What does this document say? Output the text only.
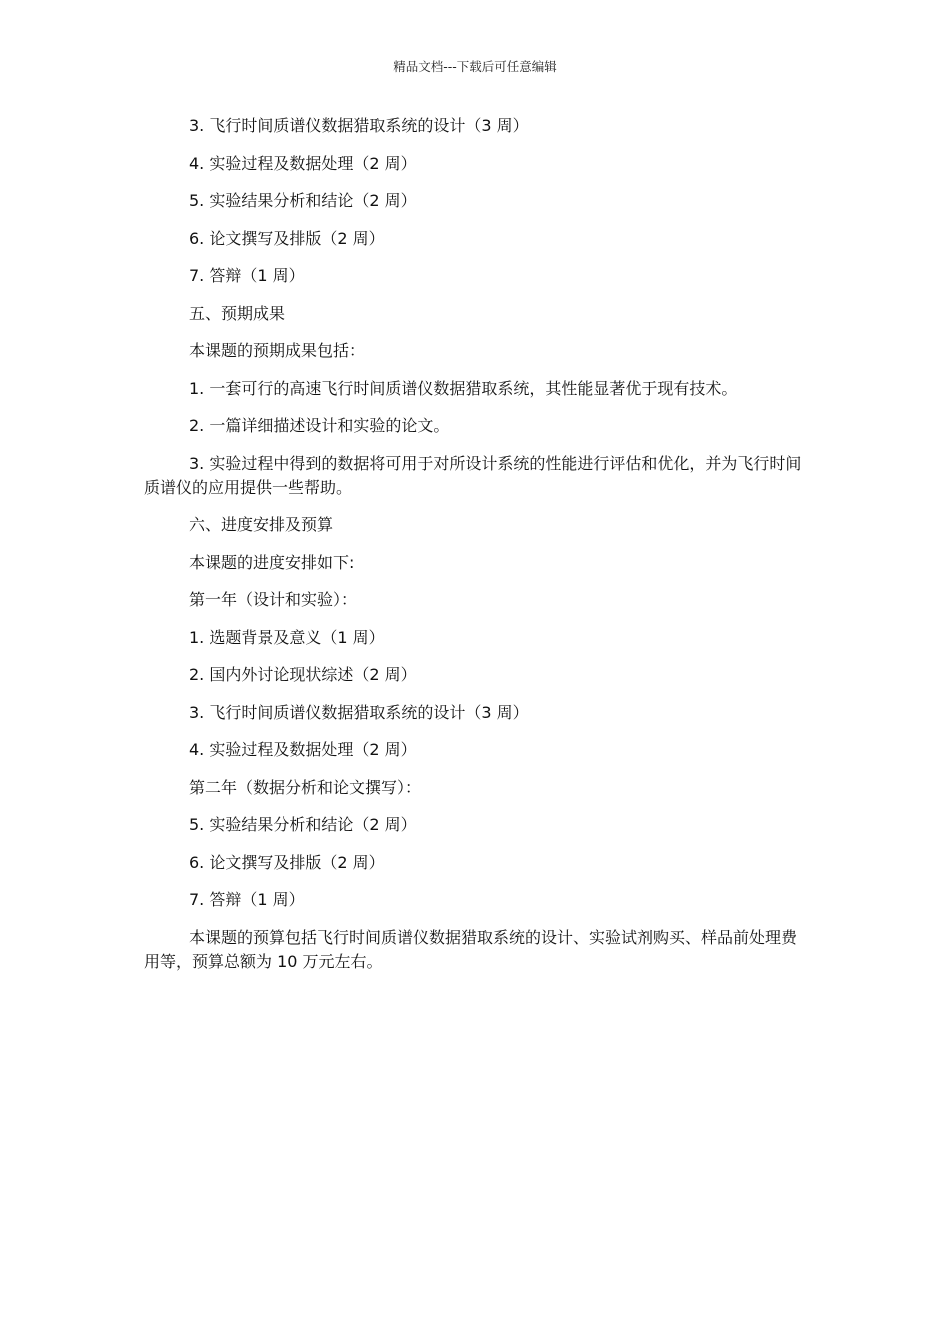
精品文档---下载后可任意编辑

3. 飞行时间质谱仪数据猎取系统的设计（3 周）

4. 实验过程及数据处理（2 周）

5. 实验结果分析和结论（2 周）

6. 论文撰写及排版（2 周）

7. 答辩（1 周）

五、预期成果

本课题的预期成果包括：

1. 一套可行的高速飞行时间质谱仪数据猎取系统，其性能显著优于现有技术。

2. 一篇详细描述设计和实验的论文。

3. 实验过程中得到的数据将可用于对所设计系统的性能进行评估和优化，并为飞行时间质谱仪的应用提供一些帮助。

六、进度安排及预算

本课题的进度安排如下:

第一年（设计和实验）：

1. 选题背景及意义（1 周）

2. 国内外讨论现状综述（2 周）

3. 飞行时间质谱仪数据猎取系统的设计（3 周）

4. 实验过程及数据处理（2 周）

第二年（数据分析和论文撰写）：

5. 实验结果分析和结论（2 周）

6. 论文撰写及排版（2 周）

7. 答辩（1 周）

本课题的预算包括飞行时间质谱仪数据猎取系统的设计、实验试剂购买、样品前处理费用等，预算总额为 10 万元左右。
